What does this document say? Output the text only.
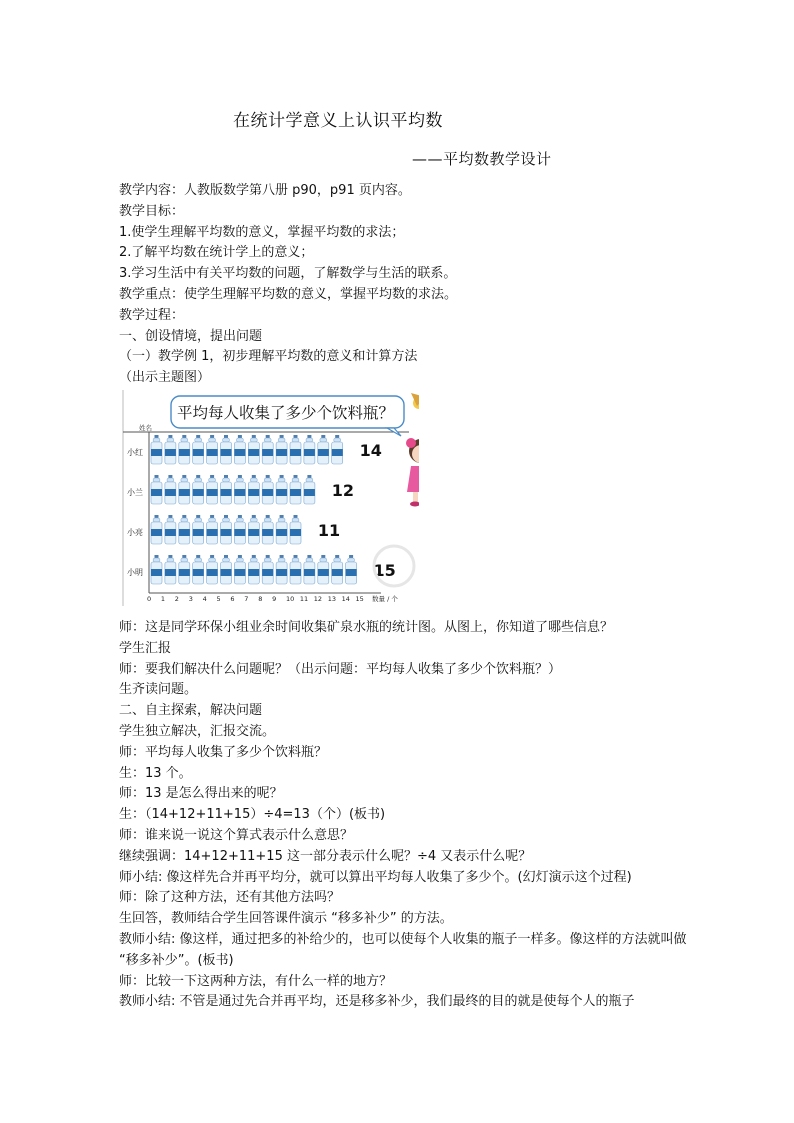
在统计学意义上认识平均数
——平均数教学设计
教学内容：人教版数学第八册 p90，p91 页内容。
教学目标：
1.使学生理解平均数的意义，掌握平均数的求法；
2.了解平均数在统计学上的意义；
3.学习生活中有关平均数的问题，了解数学与生活的联系。
教学重点：使学生理解平均数的意义，掌握平均数的求法。
教学过程：
一、创设情境，提出问题
（一）教学例 1，初步理解平均数的意义和计算方法
（出示主题图）
平均每人收集了多少个饮料瓶？
姓名
小红	14
小兰	12
小亮	11
小明	15
0 1 2 3 4 5 6 7 8 9 10 11 12 13 14 15 数量 / 个
师：这是同学环保小组业余时间收集矿泉水瓶的统计图。从图上，你知道了哪些信息？
学生汇报
师：要我们解决什么问题呢？（出示问题：平均每人收集了多少个饮料瓶？）
生齐读问题。
二、自主探索，解决问题
学生独立解决，汇报交流。
师：平均每人收集了多少个饮料瓶？
生：13 个。
师：13 是怎么得出来的呢？
生：（14+12+11+15）÷4=13（个）(板书)
师：谁来说一说这个算式表示什么意思？
继续强调：14+12+11+15 这一部分表示什么呢？÷4 又表示什么呢？
师小结: 像这样先合并再平均分，就可以算出平均每人收集了多少个。(幻灯演示这个过程)
师：除了这种方法，还有其他方法吗？
生回答，教师结合学生回答课件演示 “移多补少” 的方法。
教师小结: 像这样，通过把多的补给少的，也可以使每个人收集的瓶子一样多。像这样的方法就叫做 “移多补少”。(板书)
师：比较一下这两种方法，有什么一样的地方？
教师小结: 不管是通过先合并再平均，还是移多补少，我们最终的目的就是使每个人的瓶子
